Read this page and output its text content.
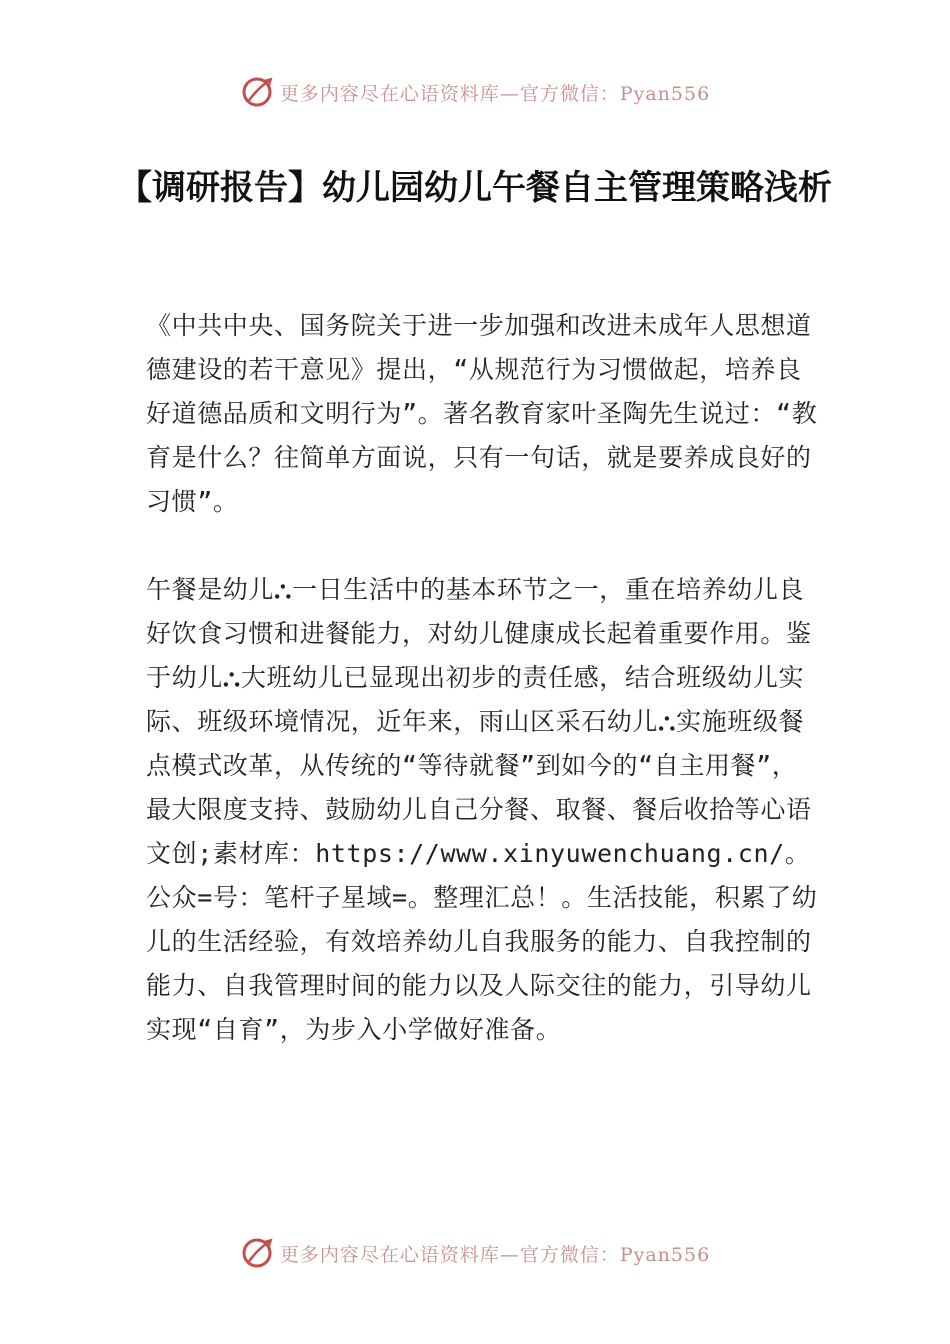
更多内容尽在心语资料库—官方微信：Pyan556
【调研报告】幼儿园幼儿午餐自主管理策略浅析

《中共中央、国务院关于进一步加强和改进未成年人思想道德建设的若干意见》提出，“从规范行为习惯做起，培养良好道德品质和文明行为”。著名教育家叶圣陶先生说过：“教育是什么？往简单方面说，只有一句话，就是要养成良好的习惯”。

午餐是幼儿⛬一日生活中的基本环节之一，重在培养幼儿良好饮食习惯和进餐能力，对幼儿健康成长起着重要作用。鉴于幼儿⛬大班幼儿已显现出初步的责任感，结合班级幼儿实际、班级环境情况，近年来，雨山区采石幼儿⛬实施班级餐点模式改革，从传统的“等待就餐”到如今的“自主用餐”，最大限度支持、鼓励幼儿自己分餐、取餐、餐后收拾等心语文创;素材库：https://www.xinyuwenchuang.cn/。公众=号：笔杆子星域=。整理汇总！。生活技能，积累了幼儿的生活经验，有效培养幼儿自我服务的能力、自我控制的能力、自我管理时间的能力以及人际交往的能力，引导幼儿实现“自育”，为步入小学做好准备。

更多内容尽在心语资料库—官方微信：Pyan556
